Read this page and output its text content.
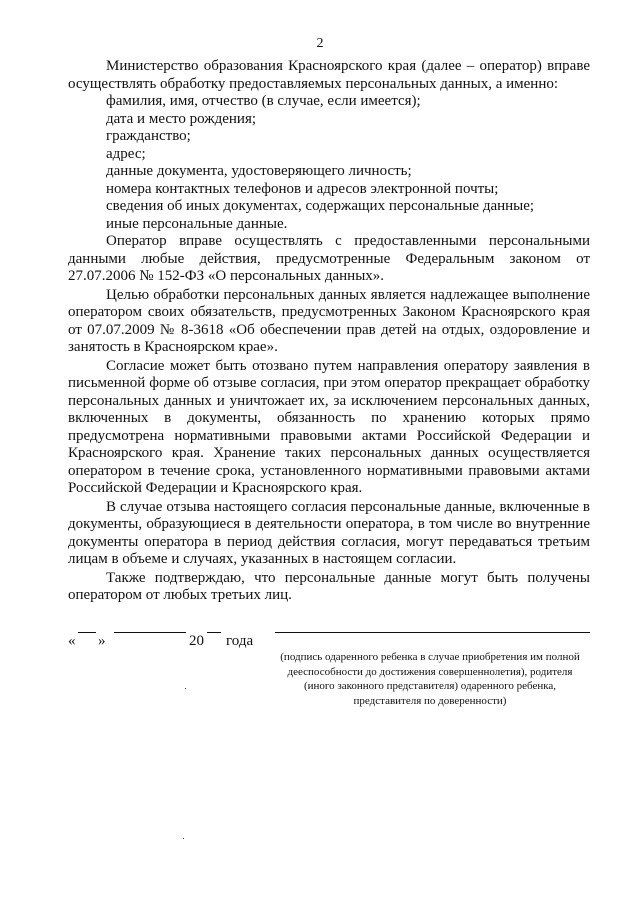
2

Министерство образования Красноярского края (далее – оператор) вправе осуществлять обработку предоставляемых персональных данных, а именно:

фамилия, имя, отчество (в случае, если имеется);
дата и место рождения;
гражданство;
адрес;
данные документа, удостоверяющего личность;
номера контактных телефонов и адресов электронной почты;
сведения об иных документах, содержащих персональные данные;
иные персональные данные.

Оператор вправе осуществлять с предоставленными персональными данными любые действия, предусмотренные Федеральным законом от 27.07.2006 № 152-ФЗ «О персональных данных».

Целью обработки персональных данных является надлежащее выполнение оператором своих обязательств, предусмотренных Законом Красноярского края от 07.07.2009 № 8-3618 «Об обеспечении прав детей на отдых, оздоровление и занятость в Красноярском крае».

Согласие может быть отозвано путем направления оператору заявления в письменной форме об отзыве согласия, при этом оператор прекращает обработку персональных данных и уничтожает их, за исключением персональных данных, включенных в документы, обязанность по хранению которых прямо предусмотрена нормативными правовыми актами Российской Федерации и Красноярского края. Хранение таких персональных данных осуществляется оператором в течение срока, установленного нормативными правовыми актами Российской Федерации и Красноярского края.

В случае отзыва настоящего согласия персональные данные, включенные в документы, образующиеся в деятельности оператора, в том числе во внутренние документы оператора в период действия согласия, могут передаваться третьим лицам в объеме и случаях, указанных в настоящем согласии.

Также подтверждаю, что персональные данные могут быть получены оператором от любых третьих лиц.

« »	20 года
(подпись одаренного ребенка в случае приобретения им полной
дееспособности до достижения совершеннолетия), родителя
(иного законного представителя) одаренного ребенка,
представителя по доверенности)
